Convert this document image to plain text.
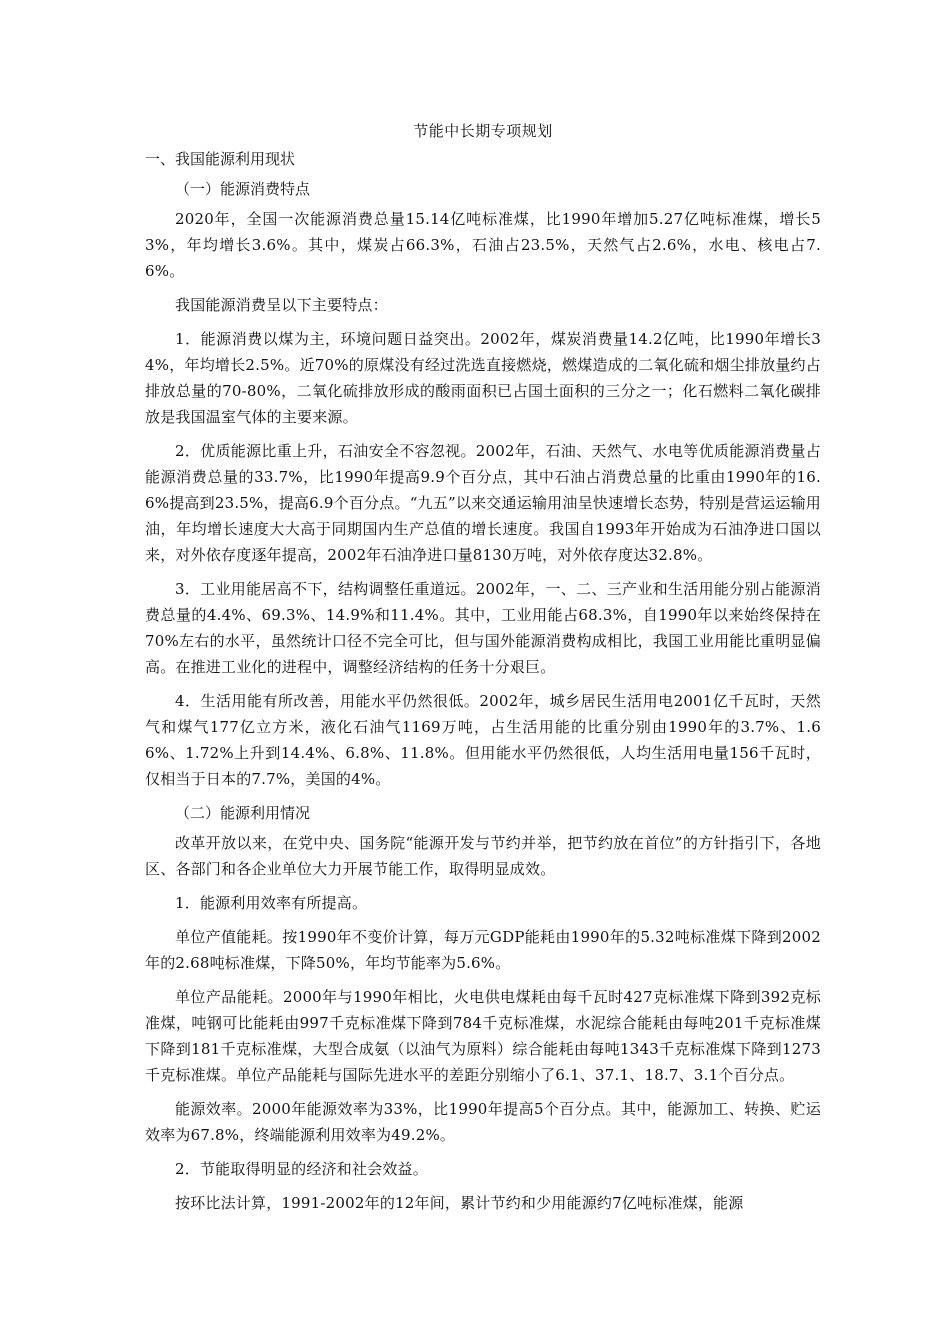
节能中长期专项规划
一、我国能源利用现状
（一）能源消费特点

2020年，全国一次能源消费总量15.14亿吨标准煤，比1990年增加5.27亿吨标准煤，增长53%，年均增长3.6%。其中，煤炭占66.3%，石油占23.5%，天然气占2.6%，水电、核电占7.6%。

我国能源消费呈以下主要特点：

1．能源消费以煤为主，环境问题日益突出。2002年，煤炭消费量14.2亿吨，比1990年增长34%，年均增长2.5%。近70%的原煤没有经过洗选直接燃烧，燃煤造成的二氧化硫和烟尘排放量约占排放总量的70-80%，二氧化硫排放形成的酸雨面积已占国土面积的三分之一；化石燃料二氧化碳排放是我国温室气体的主要来源。

2．优质能源比重上升，石油安全不容忽视。2002年，石油、天然气、水电等优质能源消费量占能源消费总量的33.7%，比1990年提高9.9个百分点，其中石油占消费总量的比重由1990年的16.6%提高到23.5%，提高6.9个百分点。“九五”以来交通运输用油呈快速增长态势，特别是营运运输用油，年均增长速度大大高于同期国内生产总值的增长速度。我国自1993年开始成为石油净进口国以来，对外依存度逐年提高，2002年石油净进口量8130万吨，对外依存度达32.8%。

3．工业用能居高不下，结构调整任重道远。2002年，一、二、三产业和生活用能分别占能源消费总量的4.4%、69.3%、14.9%和11.4%。其中，工业用能占68.3%，自1990年以来始终保持在70%左右的水平，虽然统计口径不完全可比，但与国外能源消费构成相比，我国工业用能比重明显偏高。在推进工业化的进程中，调整经济结构的任务十分艰巨。

4．生活用能有所改善，用能水平仍然很低。2002年，城乡居民生活用电2001亿千瓦时，天然气和煤气177亿立方米，液化石油气1169万吨，占生活用能的比重分别由1990年的3.7%、1.66%、1.72%上升到14.4%、6.8%、11.8%。但用能水平仍然很低，人均生活用电量156千瓦时，仅相当于日本的7.7%，美国的4%。

（二）能源利用情况

改革开放以来，在党中央、国务院“能源开发与节约并举，把节约放在首位”的方针指引下，各地区、各部门和各企业单位大力开展节能工作，取得明显成效。

1．能源利用效率有所提高。

单位产值能耗。按1990年不变价计算，每万元GDP能耗由1990年的5.32吨标准煤下降到2002年的2.68吨标准煤，下降50%，年均节能率为5.6%。

单位产品能耗。2000年与1990年相比，火电供电煤耗由每千瓦时427克标准煤下降到392克标准煤，吨钢可比能耗由997千克标准煤下降到784千克标准煤，水泥综合能耗由每吨201千克标准煤下降到181千克标准煤，大型合成氨（以油气为原料）综合能耗由每吨1343千克标准煤下降到1273千克标准煤。单位产品能耗与国际先进水平的差距分别缩小了6.1、37.1、18.7、3.1个百分点。

能源效率。2000年能源效率为33%，比1990年提高5个百分点。其中，能源加工、转换、贮运效率为67.8%，终端能源利用效率为49.2%。

2．节能取得明显的经济和社会效益。

按环比法计算，1991-2002年的12年间，累计节约和少用能源约7亿吨标准煤，能源
